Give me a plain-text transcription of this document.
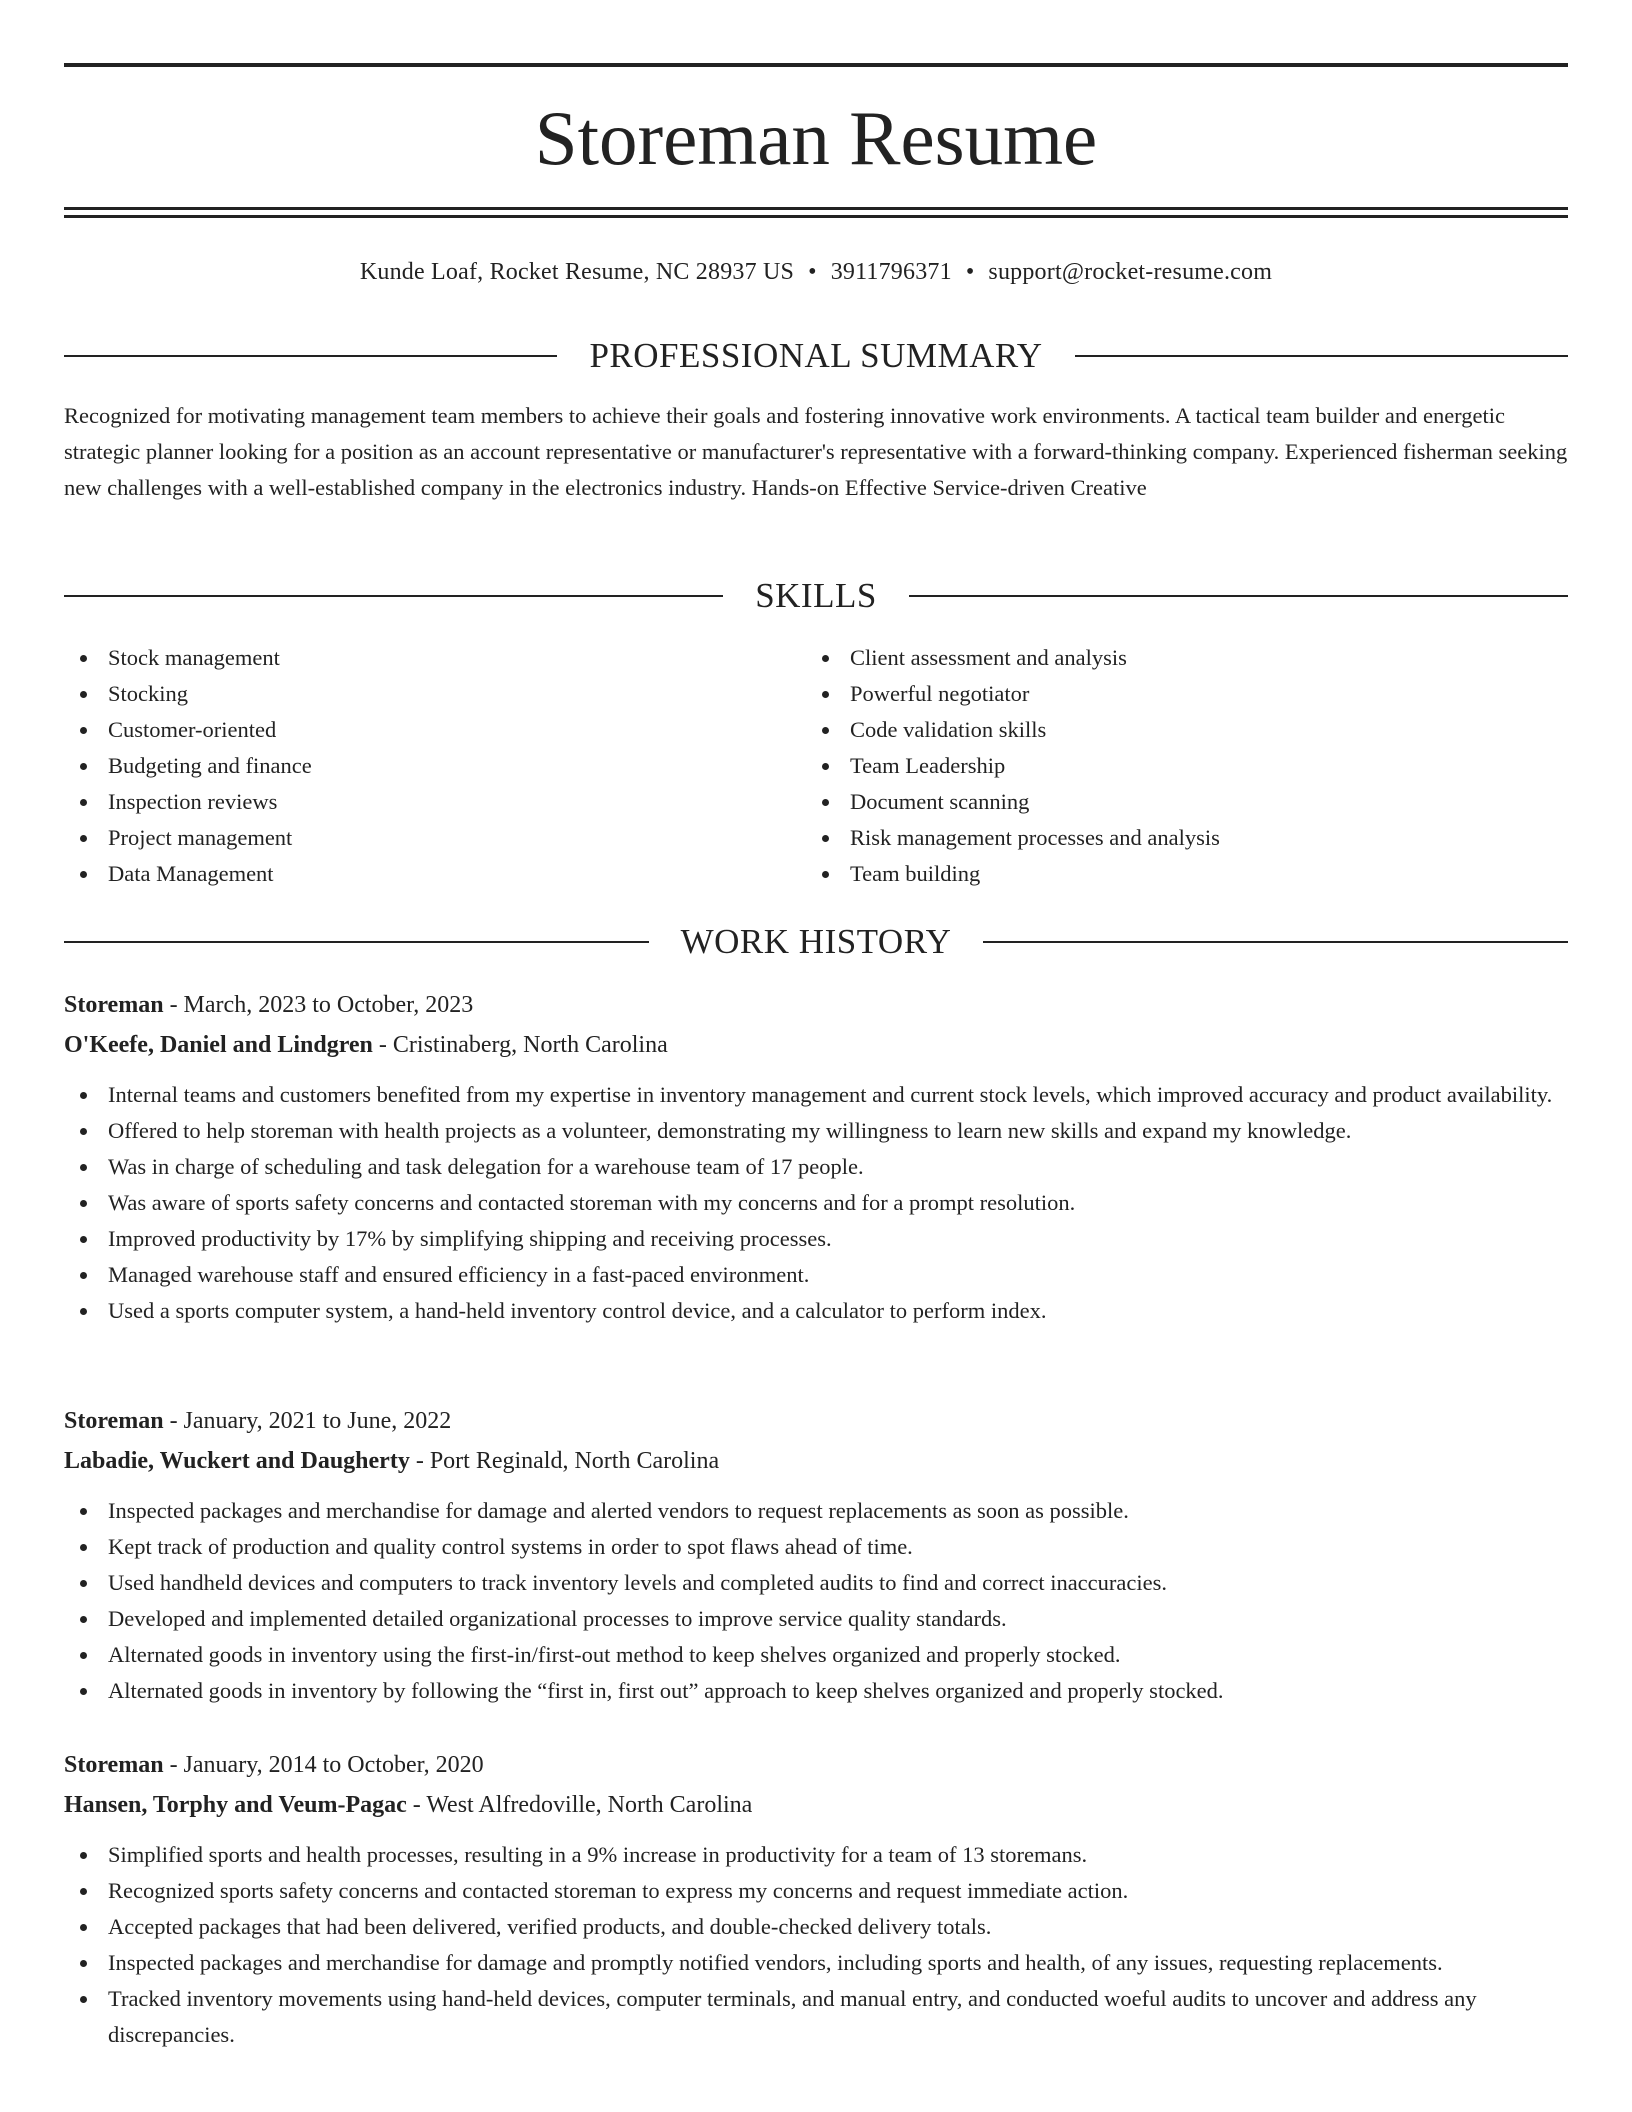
Storeman Resume
Kunde Loaf, Rocket Resume, NC 28937 US • 3911796371 • support@rocket-resume.com
PROFESSIONAL SUMMARY

Recognized for motivating management team members to achieve their goals and fostering innovative work environments. A tactical team builder and energetic strategic planner looking for a position as an account representative or manufacturer's representative with a forward-thinking company. Experienced fisherman seeking new challenges with a well-established company in the electronics industry. Hands-on Effective Service-driven Creative

SKILLS
Stock management
Stocking
Customer-oriented
Budgeting and finance
Inspection reviews
Project management
Data Management
Client assessment and analysis
Powerful negotiator
Code validation skills
Team Leadership
Document scanning
Risk management processes and analysis
Team building
WORK HISTORY
Storeman - March, 2023 to October, 2023
O'Keefe, Daniel and Lindgren - Cristinaberg, North Carolina
Internal teams and customers benefited from my expertise in inventory management and current stock levels, which improved accuracy and product availability.
Offered to help storeman with health projects as a volunteer, demonstrating my willingness to learn new skills and expand my knowledge.
Was in charge of scheduling and task delegation for a warehouse team of 17 people.
Was aware of sports safety concerns and contacted storeman with my concerns and for a prompt resolution.
Improved productivity by 17% by simplifying shipping and receiving processes.
Managed warehouse staff and ensured efficiency in a fast-paced environment.
Used a sports computer system, a hand-held inventory control device, and a calculator to perform index.
Storeman - January, 2021 to June, 2022
Labadie, Wuckert and Daugherty - Port Reginald, North Carolina
Inspected packages and merchandise for damage and alerted vendors to request replacements as soon as possible.
Kept track of production and quality control systems in order to spot flaws ahead of time.
Used handheld devices and computers to track inventory levels and completed audits to find and correct inaccuracies.
Developed and implemented detailed organizational processes to improve service quality standards.
Alternated goods in inventory using the first-in/first-out method to keep shelves organized and properly stocked.
Alternated goods in inventory by following the “first in, first out” approach to keep shelves organized and properly stocked.
Storeman - January, 2014 to October, 2020
Hansen, Torphy and Veum-Pagac - West Alfredoville, North Carolina
Simplified sports and health processes, resulting in a 9% increase in productivity for a team of 13 storemans.
Recognized sports safety concerns and contacted storeman to express my concerns and request immediate action.
Accepted packages that had been delivered, verified products, and double-checked delivery totals.
Inspected packages and merchandise for damage and promptly notified vendors, including sports and health, of any issues, requesting replacements.
Tracked inventory movements using hand-held devices, computer terminals, and manual entry, and conducted woeful audits to uncover and address any discrepancies.
